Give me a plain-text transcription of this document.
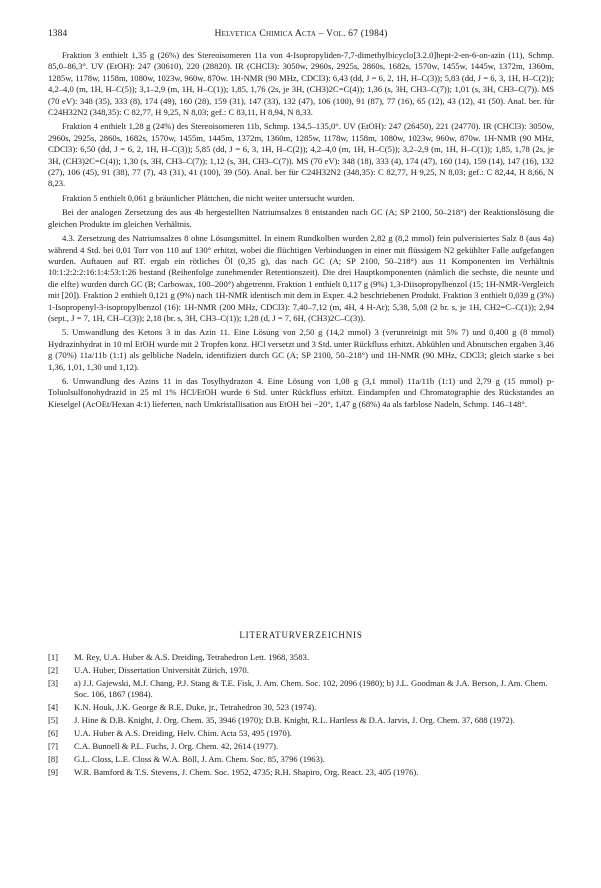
1384	Helvetica Chimica Acta – Vol. 67 (1984)

Fraktion 3 enthielt 1,35 g (26%) des Stereoisomeren 11a von 4-Isopropyliden-7,7-dimethylbicyclo[3.2.0]hept-2-en-6-on-azin (11), Schmp. 85,0–86,3°. UV (EtOH): 247 (30610), 220 (28820). IR (CHCl3): 3050w, 2960s, 2925s, 2860s, 1682s, 1570w, 1455w, 1445w, 1372m, 1360m, 1285w, 1178w, 1158m, 1080w, 1023w, 960w, 870w. 1H-NMR (90 MHz, CDCl3): 6,43 (dd, J = 6, 2, 1H, H–C(3)); 5,83 (dd, J = 6, 3, 1H, H–C(2)); 4,2–4,0 (m, 1H, H–C(5)); 3,1–2,9 (m, 1H, H–C(1)); 1,85, 1,76 (2s, je 3H, (CH3)2C=C(4)); 1,36 (s, 3H, CH3–C(7)); 1,01 (s, 3H, CH3–C(7)). MS (70 eV): 348 (35), 333 (8), 174 (49), 160 (28), 159 (31), 147 (33), 132 (47), 106 (100), 91 (87), 77 (16), 65 (12), 43 (12), 41 (50). Anal. ber. für C24H32N2 (348,35): C 82,77, H 9,25, N 8,03; gef.: C 83,11, H 8,94, N 8,33.

Fraktion 4 enthielt 1,28 g (24%) des Stereoisomeren 11b, Schmp. 134,5–135,0°. UV (EtOH): 247 (26450), 221 (24770). IR (CHCl3): 3050w, 2960s, 2925s, 2860s, 1682s, 1570w, 1455m, 1445m, 1372m, 1360m, 1285w, 1178w, 1158m, 1080w, 1023w, 960w, 870w. 1H-NMR (90 MHz, CDCl3): 6,50 (dd, J = 6, 2, 1H, H–C(3)); 5,85 (dd, J = 6, 3, 1H, H–C(2)); 4,2–4,0 (m, 1H, H–C(5)); 3,2–2,9 (m, 1H, H–C(1)); 1,85, 1,78 (2s, je 3H, (CH3)2C=C(4)); 1,30 (s, 3H, CH3–C(7)); 1,12 (s, 3H, CH3–C(7)). MS (70 eV): 348 (18), 333 (4), 174 (47), 160 (14), 159 (14), 147 (16), 132 (27), 106 (45), 91 (38), 77 (7), 43 (31), 41 (100), 39 (50). Anal. ber für C24H32N2 (348,35): C 82,77, H 9,25, N 8,03; gef.: C 82,44, H 8,66, N 8,23.

Fraktion 5 enthielt 0,061 g bräunlicher Plättchen, die nicht weiter untersucht wurden.

Bei der analogen Zersetzung des aus 4b hergestellten Natriumsalzes 8 entstanden nach GC (A; SP 2100, 50–218°) der Reaktionslösung die gleichen Produkte im gleichen Verhältnis.

4.3. Zersetzung des Natriumsalzes 8 ohne Lösungsmittel. In einem Rundkolben wurden 2,82 g (8,2 mmol) fein pulverisiertes Salz 8 (aus 4a) während 4 Std. bei 0,01 Torr von 110 auf 130° erhitzt, wobei die flüchtigen Verbindungen in einer mit flüssigem N2 gekühlter Falle aufgefangen wurden. Auftauen auf RT. ergab ein rötliches Öl (0,35 g), das nach GC (A; SP 2100, 50–218°) aus 11 Komponenten im Verhältnis 10:1:2:2:2:16:1:4:53:1:26 bestand (Reihenfolge zunehmender Retentionszeit). Die drei Hauptkomponenten (nämlich die sechste, die neunte und die elfte) wurden durch GC (B; Carbowax, 100–200°) abgetrennt. Fraktion 1 enthielt 0,117 g (9%) 1,3-Diisopropylbenzol (15; 1H-NMR-Vergleich mit [20]). Fraktion 2 enthielt 0,121 g (9%) nach 1H-NMR identisch mit dem in Exper. 4.2 beschriebenen Produkt. Fraktion 3 enthielt 0,039 g (3%) 1-Isopropenyl-3-isopropylbenzol (16): 1H-NMR (200 MHz, CDCl3): 7,40–7,12 (m, 4H, 4 H-Ar); 5,38, 5,08 (2 br. s, je 1H, CH2=C–C(1)); 2,94 (sept., J = 7, 1H, CH–C(3)); 2,18 (br. s, 3H, CH3–C(1)); 1,28 (d, J = 7, 6H, (CH3)2C–C(3)).

5. Umwandlung des Ketons 3 in das Azin 11. Eine Lösung von 2,50 g (14,2 mmol) 3 (verunreinigt mit 5% 7) und 0,400 g (8 mmol) Hydrazinhydrat in 10 ml EtOH wurde mit 2 Tropfen konz. HCl versetzt und 3 Std. unter Rückfluss erhitzt. Abkühlen und Abnutschen ergaben 3,46 g (70%) 11a/11b (1:1) als gelbliche Nadeln, identifiziert durch GC (A; SP 2100, 50–218°) und 1H-NMR (90 MHz, CDCl3; gleich starke s bei 1,36, 1,01, 1,30 und 1,12).

6. Umwandlung des Azins 11 in das Tosylhydrazon 4. Eine Lösung von 1,08 g (3,1 mmol) 11a/11b (1:1) und 2,79 g (15 mmol) p-Toluolsulfonohydrazid in 25 ml 1% HCl/EtOH wurde 6 Std. unter Rückfluss erhitzt. Eindampfen und Chromatographie des Rückstandes an Kieselgel (AcOEt/Hexan 4:1) lieferten, nach Umkristallisation aus EtOH bei −20°, 1,47 g (68%) 4a als farblose Nadeln, Schmp. 146–148°.

LITERATURVERZEICHNIS
[1] M. Rey, U.A. Huber & A.S. Dreiding, Tetrahedron Lett. 1968, 3583.
[2] U.A. Huber, Dissertation Universität Zürich, 1970.
[3] a) J.J. Gajewski, M.J. Chang, P.J. Stang & T.E. Fisk, J. Am. Chem. Soc. 102, 2096 (1980); b) J.L. Goodman & J.A. Berson, J. Am. Chem. Soc. 106, 1867 (1984).
[4] K.N. Houk, J.K. George & R.E. Duke, jr., Tetrahedron 30, 523 (1974).
[5] J. Hine & D.B. Knight, J. Org. Chem. 35, 3946 (1970); D.B. Knight, R.L. Hartless & D.A. Jarvis, J. Org. Chem. 37, 688 (1972).
[6] U.A. Huber & A.S. Dreiding, Helv. Chim. Acta 53, 495 (1970).
[7] C.A. Bunnell & P.L. Fuchs, J. Org. Chem. 42, 2614 (1977).
[8] G.L. Closs, L.E. Closs & W.A. Böll, J. Am. Chem. Soc. 85, 3796 (1963).
[9] W.R. Bamford & T.S. Stevens, J. Chem. Soc. 1952, 4735; R.H. Shapiro, Org. React. 23, 405 (1976).
